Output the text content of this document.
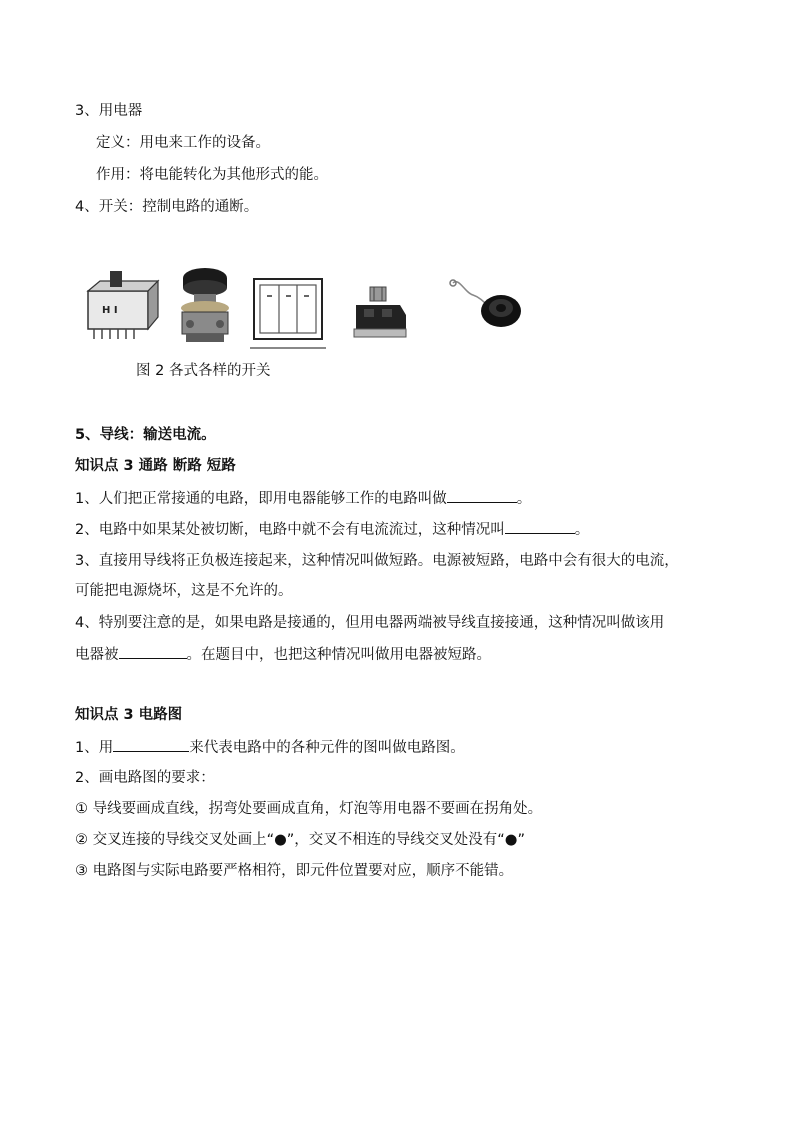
3、用电器
定义：用电来工作的设备。
作用：将电能转化为其他形式的能。
4、开关：控制电路的通断。
H I
图 2 各式各样的开关
5、导线：输送电流。
知识点 3 通路 断路 短路
1、人们把正常接通的电路，即用电器能够工作的电路叫做	。
2、电路中如果某处被切断，电路中就不会有电流流过，这种情况叫	。
3、直接用导线将正负极连接起来，这种情况叫做短路。电源被短路，电路中会有很大的电流，
可能把电源烧坏，这是不允许的。
4、特别要注意的是，如果电路是接通的，但用电器两端被导线直接接通，这种情况叫做该用
电器被	。在题目中，也把这种情况叫做用电器被短路。
知识点 3 电路图
1、用	来代表电路中的各种元件的图叫做电路图。
2、画电路图的要求：
① 导线要画成直线，拐弯处要画成直角，灯泡等用电器不要画在拐角处。
② 交叉连接的导线交叉处画上“●”，交叉不相连的导线交叉处没有“●”
③ 电路图与实际电路要严格相符，即元件位置要对应，顺序不能错。
